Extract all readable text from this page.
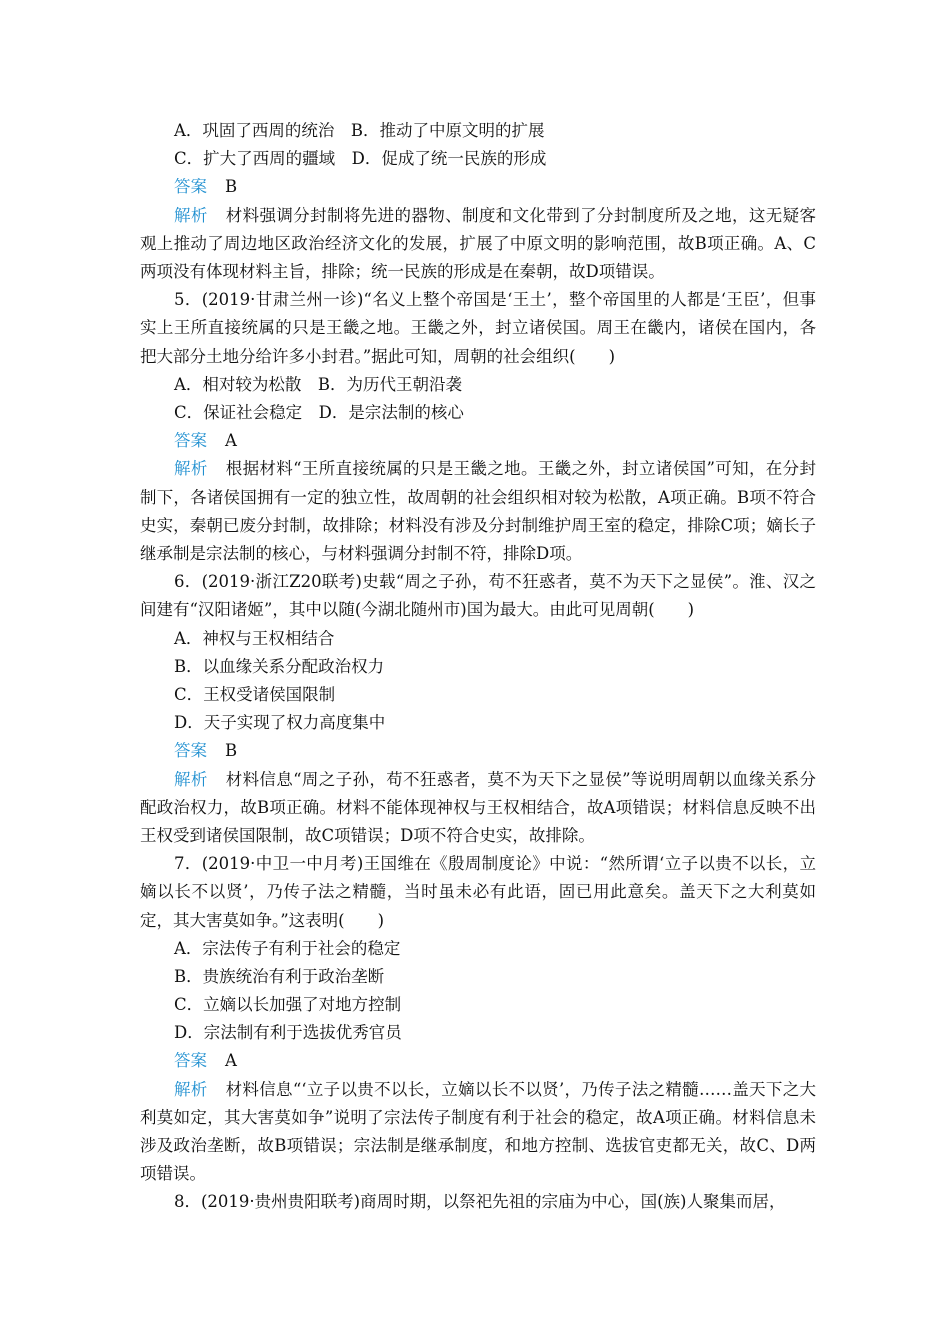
A．巩固了西周的统治　B．推动了中原文明的扩展
C．扩大了西周的疆域　D．促成了统一民族的形成
答案 B
解析 材料强调分封制将先进的器物、制度和文化带到了分封制度所及之地，这无疑客观上推动了周边地区政治经济文化的发展，扩展了中原文明的影响范围，故B项正确。A、C两项没有体现材料主旨，排除；统一民族的形成是在秦朝，故D项错误。
5．(2019·甘肃兰州一诊)“名义上整个帝国是‘王土’，整个帝国里的人都是‘王臣’，但事实上王所直接统属的只是王畿之地。王畿之外，封立诸侯国。周王在畿内，诸侯在国内，各把大部分土地分给许多小封君。”据此可知，周朝的社会组织(　　)
A．相对较为松散　B．为历代王朝沿袭
C．保证社会稳定　D．是宗法制的核心
答案 A
解析 根据材料“王所直接统属的只是王畿之地。王畿之外，封立诸侯国”可知，在分封制下，各诸侯国拥有一定的独立性，故周朝的社会组织相对较为松散，A项正确。B项不符合史实，秦朝已废分封制，故排除；材料没有涉及分封制维护周王室的稳定，排除C项；嫡长子继承制是宗法制的核心，与材料强调分封制不符，排除D项。
6．(2019·浙江Z20联考)史载“周之子孙，苟不狂惑者，莫不为天下之显侯”。淮、汉之间建有“汉阳诸姬”，其中以随(今湖北随州市)国为最大。由此可见周朝(　　)
A．神权与王权相结合
B．以血缘关系分配政治权力
C．王权受诸侯国限制
D．天子实现了权力高度集中
答案 B
解析 材料信息“周之子孙，苟不狂惑者，莫不为天下之显侯”等说明周朝以血缘关系分配政治权力，故B项正确。材料不能体现神权与王权相结合，故A项错误；材料信息反映不出王权受到诸侯国限制，故C项错误；D项不符合史实，故排除。
7．(2019·中卫一中月考)王国维在《殷周制度论》中说：“然所谓‘立子以贵不以长，立嫡以长不以贤’，乃传子法之精髓，当时虽未必有此语，固已用此意矣。盖天下之大利莫如定，其大害莫如争。”这表明(　　)
A．宗法传子有利于社会的稳定
B．贵族统治有利于政治垄断
C．立嫡以长加强了对地方控制
D．宗法制有利于选拔优秀官员
答案 A
解析 材料信息“‘立子以贵不以长，立嫡以长不以贤’，乃传子法之精髓……盖天下之大利莫如定，其大害莫如争”说明了宗法传子制度有利于社会的稳定，故A项正确。材料信息未涉及政治垄断，故B项错误；宗法制是继承制度，和地方控制、选拔官吏都无关，故C、D两项错误。
8．(2019·贵州贵阳联考)商周时期，以祭祀先祖的宗庙为中心，国(族)人聚集而居，
